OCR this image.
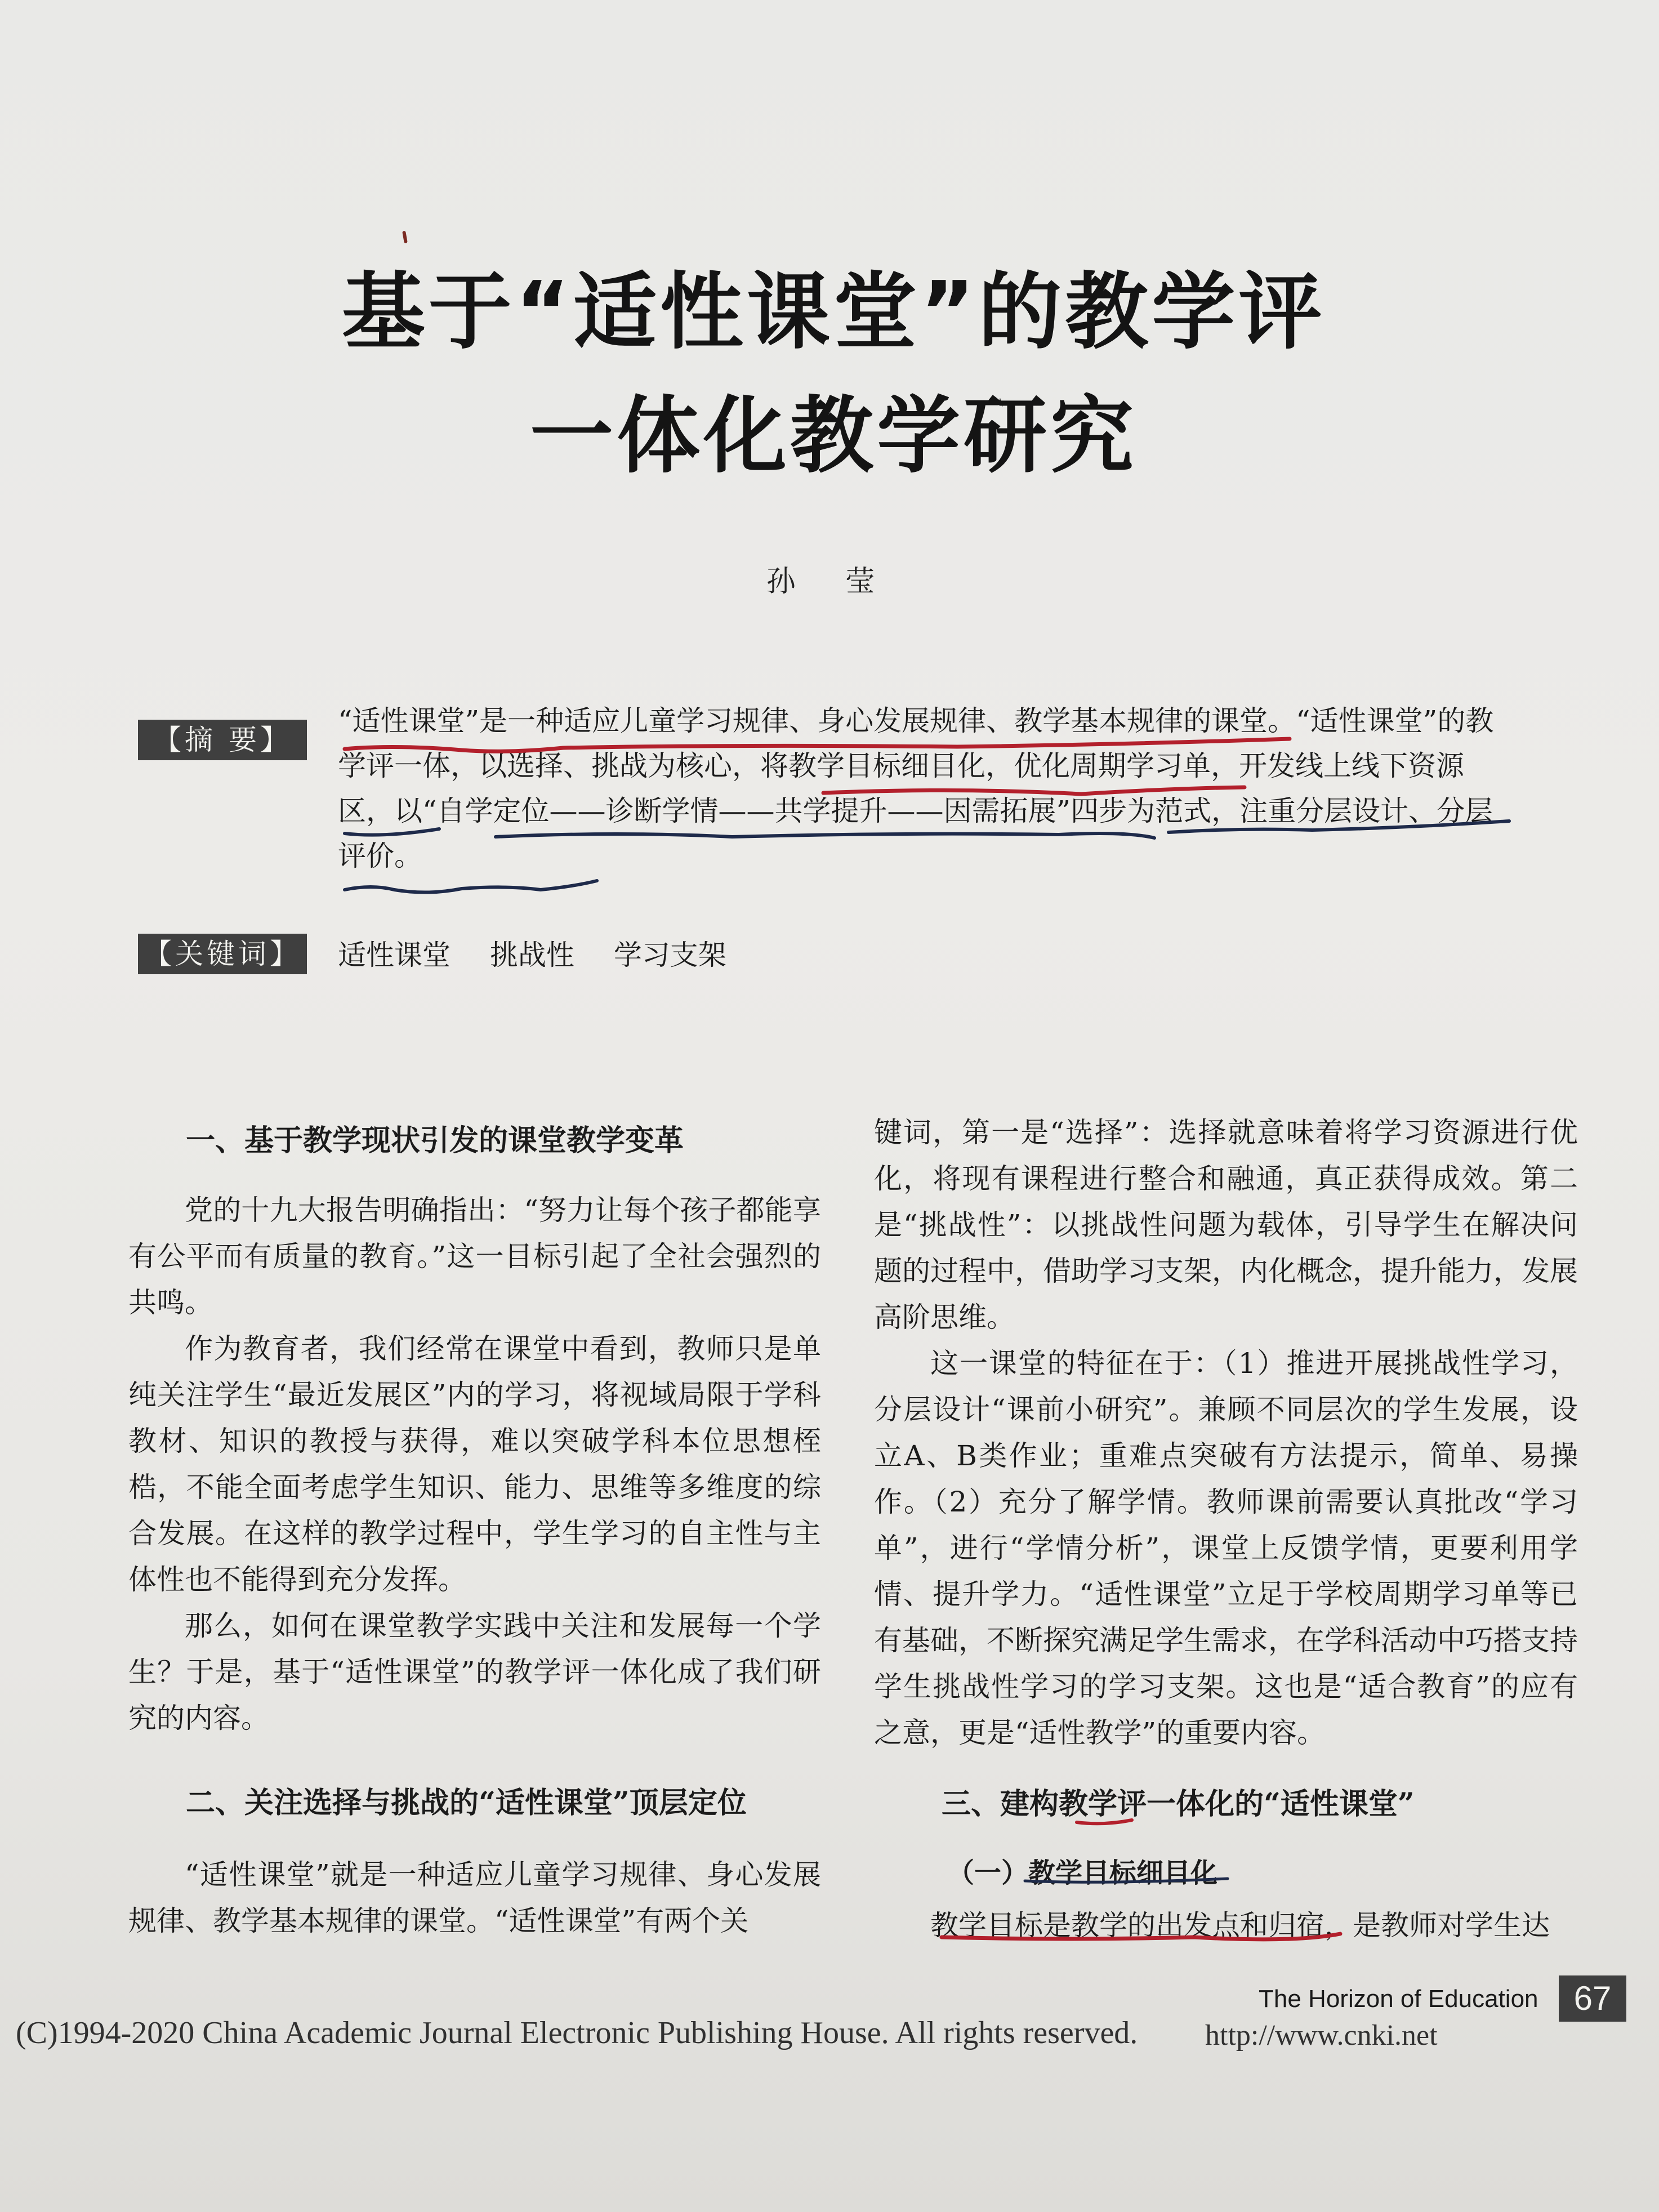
基于“适性课堂”的教学评
一体化教学研究
孙 莹
【摘 要】

“适性课堂”是一种适应儿童学习规律、身心发展规律、教学基本规律的课堂。“适性课堂”的教学评一体，以选择、挑战为核心，将教学目标细目化，优化周期学习单，开发线上线下资源区，以“自学定位——诊断学情——共学提升——因需拓展”四步为范式，注重分层设计、分层评价。

【关键词】 适性课堂 挑战性 学习支架
一、基于教学现状引发的课堂教学变革

党的十九大报告明确指出：“努力让每个孩子都能享有公平而有质量的教育。”这一目标引起了全社会强烈的共鸣。

作为教育者，我们经常在课堂中看到，教师只是单纯关注学生“最近发展区”内的学习，将视域局限于学科教材、知识的教授与获得，难以突破学科本位思想桎梏，不能全面考虑学生知识、能力、思维等多维度的综合发展。在这样的教学过程中，学生学习的自主性与主体性也不能得到充分发挥。

那么，如何在课堂教学实践中关注和发展每一个学生？于是，基于“适性课堂”的教学评一体化成了我们研究的内容。

二、关注选择与挑战的“适性课堂”顶层定位

“适性课堂”就是一种适应儿童学习规律、身心发展规律、教学基本规律的课堂。“适性课堂”有两个关

键词，第一是“选择”：选择就意味着将学习资源进行优化，将现有课程进行整合和融通，真正获得成效。第二是“挑战性”：以挑战性问题为载体，引导学生在解决问题的过程中，借助学习支架，内化概念，提升能力，发展高阶思维。

这一课堂的特征在于：（1）推进开展挑战性学习，分层设计“课前小研究”。兼顾不同层次的学生发展，设立A、B类作业；重难点突破有方法提示，简单、易操作。（2）充分了解学情。教师课前需要认真批改“学习单”，进行“学情分析”，课堂上反馈学情，更要利用学情、提升学力。“适性课堂”立足于学校周期学习单等已有基础，不断探究满足学生需求，在学科活动中巧搭支持学生挑战性学习的学习支架。这也是“适合教育”的应有之意，更是“适性教学”的重要内容。

三、建构教学评一体化的“适性课堂”
（一）教学目标细目化

教学目标是教学的出发点和归宿，是教师对学生达

The Horizon of Education	67
(C)1994-2020 China Academic Journal Electronic Publishing House. All rights reserved. http://www.cnki.net
